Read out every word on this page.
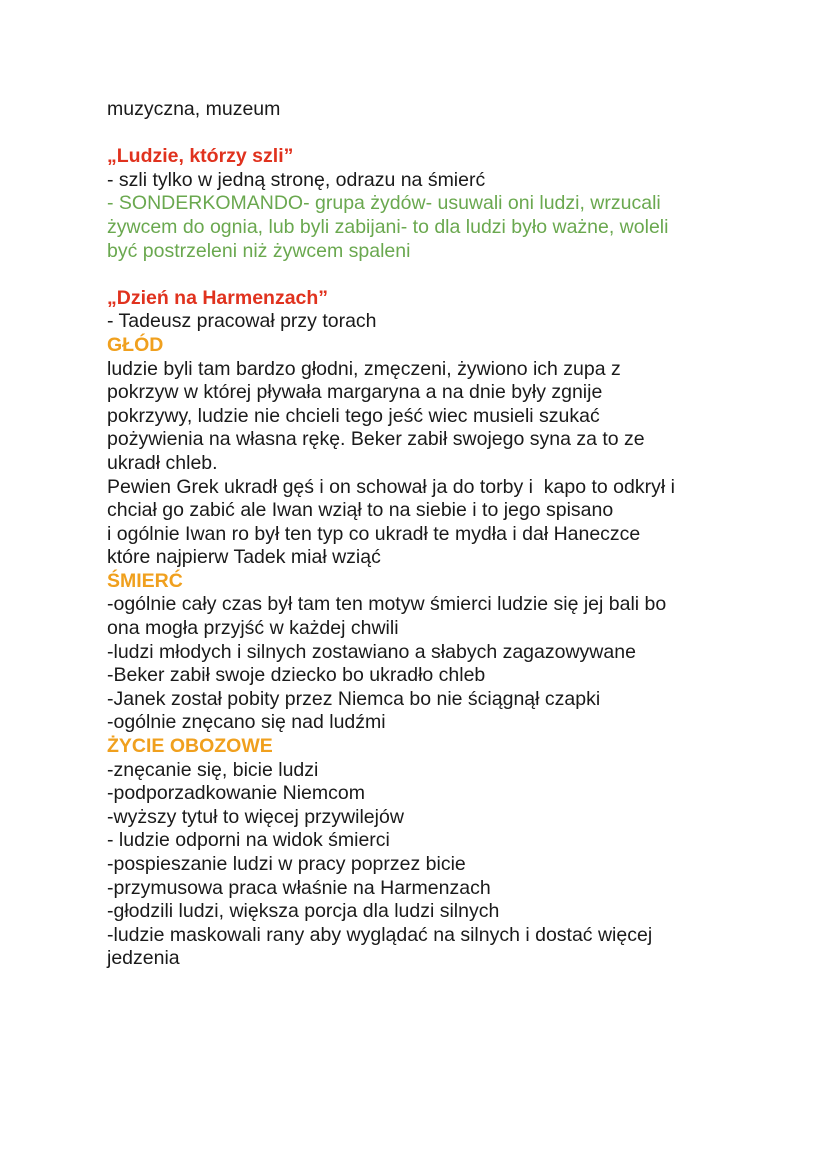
muzyczna, muzeum
„Ludzie, którzy szli”
- szli tylko w jedną stronę, odrazu na śmierć
- SONDERKOMANDO- grupa żydów- usuwali oni ludzi, wrzucali
żywcem do ognia, lub byli zabijani- to dla ludzi było ważne, woleli
być postrzeleni niż żywcem spaleni
„Dzień na Harmenzach”
- Tadeusz pracował przy torach
GŁÓD
ludzie byli tam bardzo głodni, zmęczeni, żywiono ich zupa z
pokrzyw w której pływała margaryna a na dnie były zgnije
pokrzywy, ludzie nie chcieli tego jeść wiec musieli szukać
pożywienia na własna rękę. Beker zabił swojego syna za to ze
ukradł chleb.
Pewien Grek ukradł gęś i on schował ja do torby i  kapo to odkrył i
chciał go zabić ale Iwan wziął to na siebie i to jego spisano
i ogólnie Iwan ro był ten typ co ukradł te mydła i dał Haneczce
które najpierw Tadek miał wziąć
ŚMIERĆ
-ogólnie cały czas był tam ten motyw śmierci ludzie się jej bali bo
ona mogła przyjść w każdej chwili
-ludzi młodych i silnych zostawiano a słabych zagazowywane
-Beker zabił swoje dziecko bo ukradło chleb
-Janek został pobity przez Niemca bo nie ściągnął czapki
-ogólnie znęcano się nad ludźmi
ŻYCIE OBOZOWE
-znęcanie się, bicie ludzi
-podporzadkowanie Niemcom
-wyższy tytuł to więcej przywilejów
- ludzie odporni na widok śmierci
-pospieszanie ludzi w pracy poprzez bicie
-przymusowa praca właśnie na Harmenzach
-głodzili ludzi, większa porcja dla ludzi silnych
-ludzie maskowali rany aby wyglądać na silnych i dostać więcej
jedzenia
